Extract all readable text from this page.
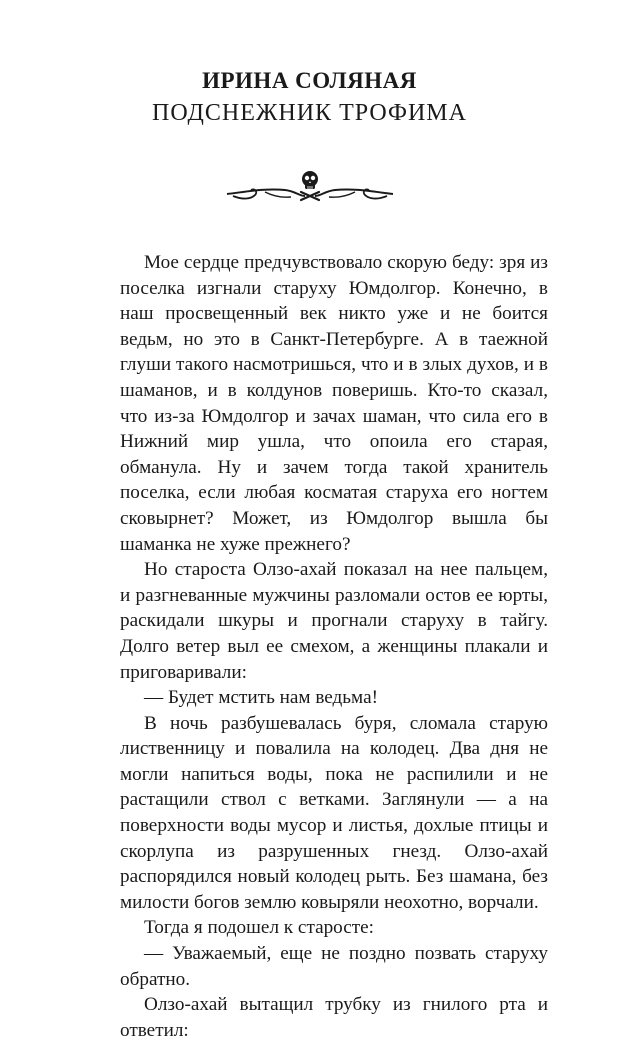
ИРИНА СОЛЯНАЯ
ПОДСНЕЖНИК ТРОФИМА

Мое сердце предчувствовало скорую беду: зря из поселка изгнали старуху Юмдолгор. Конечно, в наш просвещенный век никто уже и не боится ведьм, но это в Санкт-Петербурге. А в таежной глуши такого насмотришься, что и в злых духов, и в шаманов, и в колдунов поверишь. Кто-то сказал, что из-за Юмдолгор и зачах шаман, что сила его в Нижний мир ушла, что опоила его старая, обманула. Ну и зачем тогда такой хранитель поселка, если любая косматая старуха его ногтем сковырнет? Может, из Юмдолгор вышла бы шаманка не хуже прежнего?

Но староста Олзо-ахай показал на нее пальцем, и разгневанные мужчины разломали остов ее юрты, раскидали шкуры и прогнали старуху в тайгу. Долго ветер выл ее смехом, а женщины плакали и приговаривали:

— Будет мстить нам ведьма!

В ночь разбушевалась буря, сломала старую лиственницу и повалила на колодец. Два дня не могли напиться воды, пока не распилили и не растащили ствол с ветками. Заглянули — а на поверхности воды мусор и листья, дохлые птицы и скорлупа из разрушенных гнезд. Олзо-ахай распорядился новый колодец рыть. Без шамана, без милости богов землю ковыряли неохотно, ворчали.

Тогда я подошел к старосте:

— Уважаемый, еще не поздно позвать старуху обратно.

Олзо-ахай вытащил трубку из гнилого рта и ответил:
